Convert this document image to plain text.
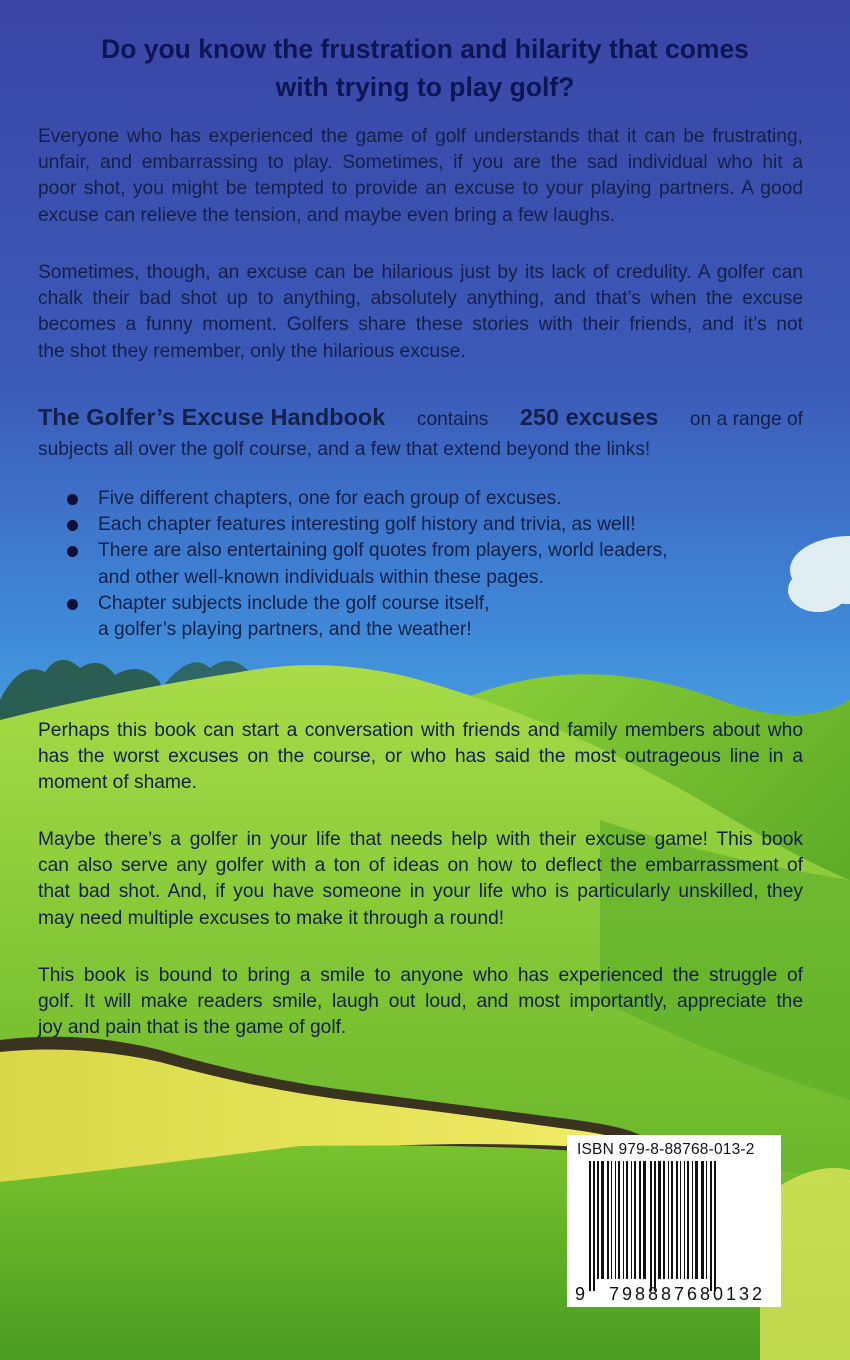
Do you know the frustration and hilarity that comes
with trying to play golf?

Everyone who has experienced the game of golf understands that it can be frustrating,
unfair, and embarrassing to play. Sometimes, if you are the sad individual who hit a
poor shot, you might be tempted to provide an excuse to your playing partners. A good
excuse can relieve the tension, and maybe even bring a few laughs.

Sometimes, though, an excuse can be hilarious just by its lack of credulity. A golfer can
chalk their bad shot up to anything, absolutely anything, and that’s when the excuse
becomes a funny moment. Golfers share these stories with their friends, and it’s not
the shot they remember, only the hilarious excuse.

The Golfer’s Excuse Handbook contains 250 excuses on a range of
subjects all over the golf course, and a few that extend beyond the links!

Five different chapters, one for each group of excuses.
Each chapter features interesting golf history and trivia, as well!
There are also entertaining golf quotes from players, world leaders,
and other well-known individuals within these pages.
Chapter subjects include the golf course itself,
a golfer’s playing partners, and the weather!

Perhaps this book can start a conversation with friends and family members about who
has the worst excuses on the course, or who has said the most outrageous line in a
moment of shame.

Maybe there’s a golfer in your life that needs help with their excuse game! This book
can also serve any golfer with a ton of ideas on how to deflect the embarrassment of
that bad shot. And, if you have someone in your life who is particularly unskilled, they
may need multiple excuses to make it through a round!

This book is bound to bring a smile to anyone who has experienced the struggle of
golf. It will make readers smile, laugh out loud, and most importantly, appreciate the
joy and pain that is the game of golf.

9 798887 680132
ISBN 979-8-88768-013-2
